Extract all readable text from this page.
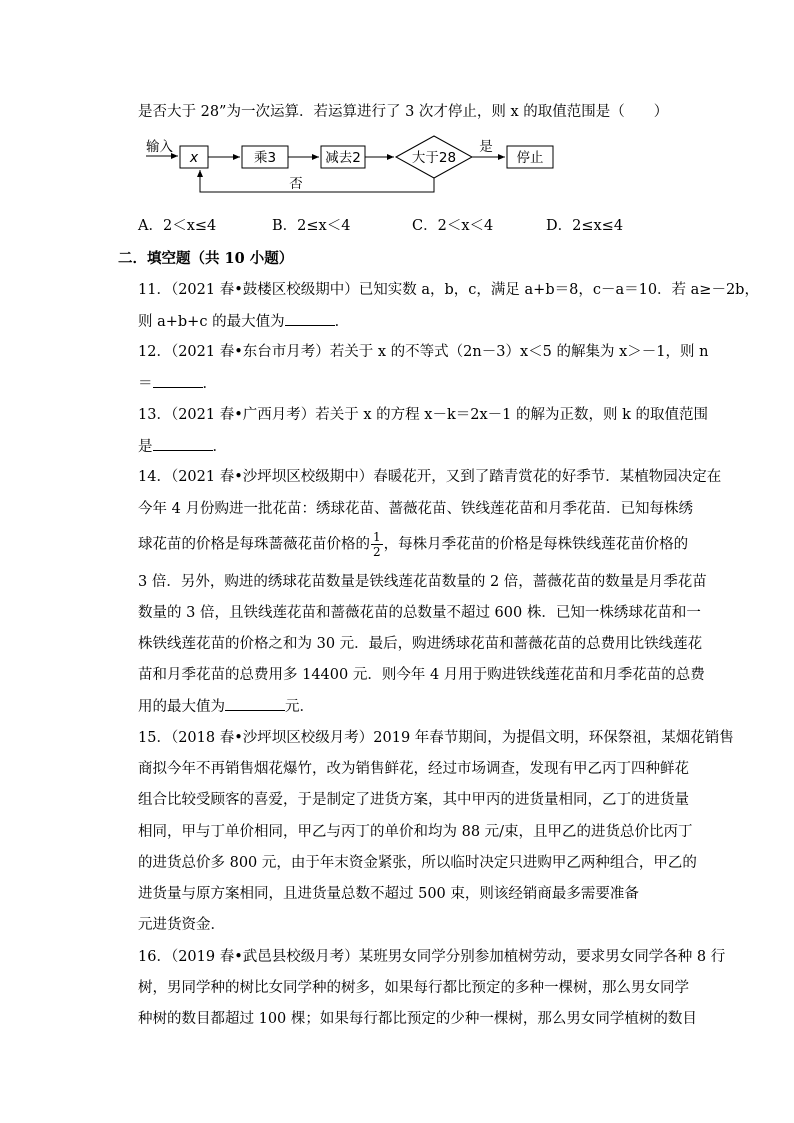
是否大于 28”为一次运算．若运算进行了 3 次才停止，则 x 的取值范围是（　　）
输入
x	乘3	减去2	大于28
是
停止
否
A．2＜x≤4	B．2≤x＜4	C．2＜x＜4	D．2≤x≤4
二．填空题（共 10 小题）
11．（2021 春•鼓楼区校级期中）已知实数 a，b，c，满足 a+b＝8，c－a＝10．若 a≥－2b，
则 a+b+c 的最大值为	．
12．（2021 春•东台市月考）若关于 x 的不等式（2n－3）x＜5 的解集为 x＞－1，则 n
＝	．
13．（2021 春•广西月考）若关于 x 的方程 x－k＝2x－1 的解为正数，则 k 的取值范围
是	．
14．（2021 春•沙坪坝区校级期中）春暖花开，又到了踏青赏花的好季节．某植物园决定在
今年 4 月份购进一批花苗：绣球花苗、蔷薇花苗、铁线莲花苗和月季花苗．已知每株绣
球花苗的价格是每珠蔷薇花苗价格的 $\frac{1}{2}$ ，每株月季花苗的价格是每株铁线莲花苗价格的
3 倍．另外，购进的绣球花苗数量是铁线莲花苗数量的 2 倍，蔷薇花苗的数量是月季花苗
数量的 3 倍，且铁线莲花苗和蔷薇花苗的总数量不超过 600 株．已知一株绣球花苗和一
株铁线莲花苗的价格之和为 30 元．最后，购进绣球花苗和蔷薇花苗的总费用比铁线莲花
苗和月季花苗的总费用多 14400 元．则今年 4 月用于购进铁线莲花苗和月季花苗的总费
用的最大值为	元．
15．（2018 春•沙坪坝区校级月考）2019 年春节期间，为提倡文明，环保祭祖，某烟花销售
商拟今年不再销售烟花爆竹，改为销售鲜花，经过市场调查，发现有甲乙丙丁四种鲜花
组合比较受顾客的喜爱，于是制定了进货方案，其中甲丙的进货量相同，乙丁的进货量
相同，甲与丁单价相同，甲乙与丙丁的单价和均为 88 元/束，且甲乙的进货总价比丙丁
的进货总价多 800 元，由于年末资金紧张，所以临时决定只进购甲乙两种组合，甲乙的
进货量与原方案相同，且进货量总数不超过 500 束，则该经销商最多需要准备
元进货资金．
16．（2019 春•武邑县校级月考）某班男女同学分别参加植树劳动，要求男女同学各种 8 行
树，男同学种的树比女同学种的树多，如果每行都比预定的多种一棵树，那么男女同学
种树的数目都超过 100 棵；如果每行都比预定的少种一棵树，那么男女同学植树的数目
